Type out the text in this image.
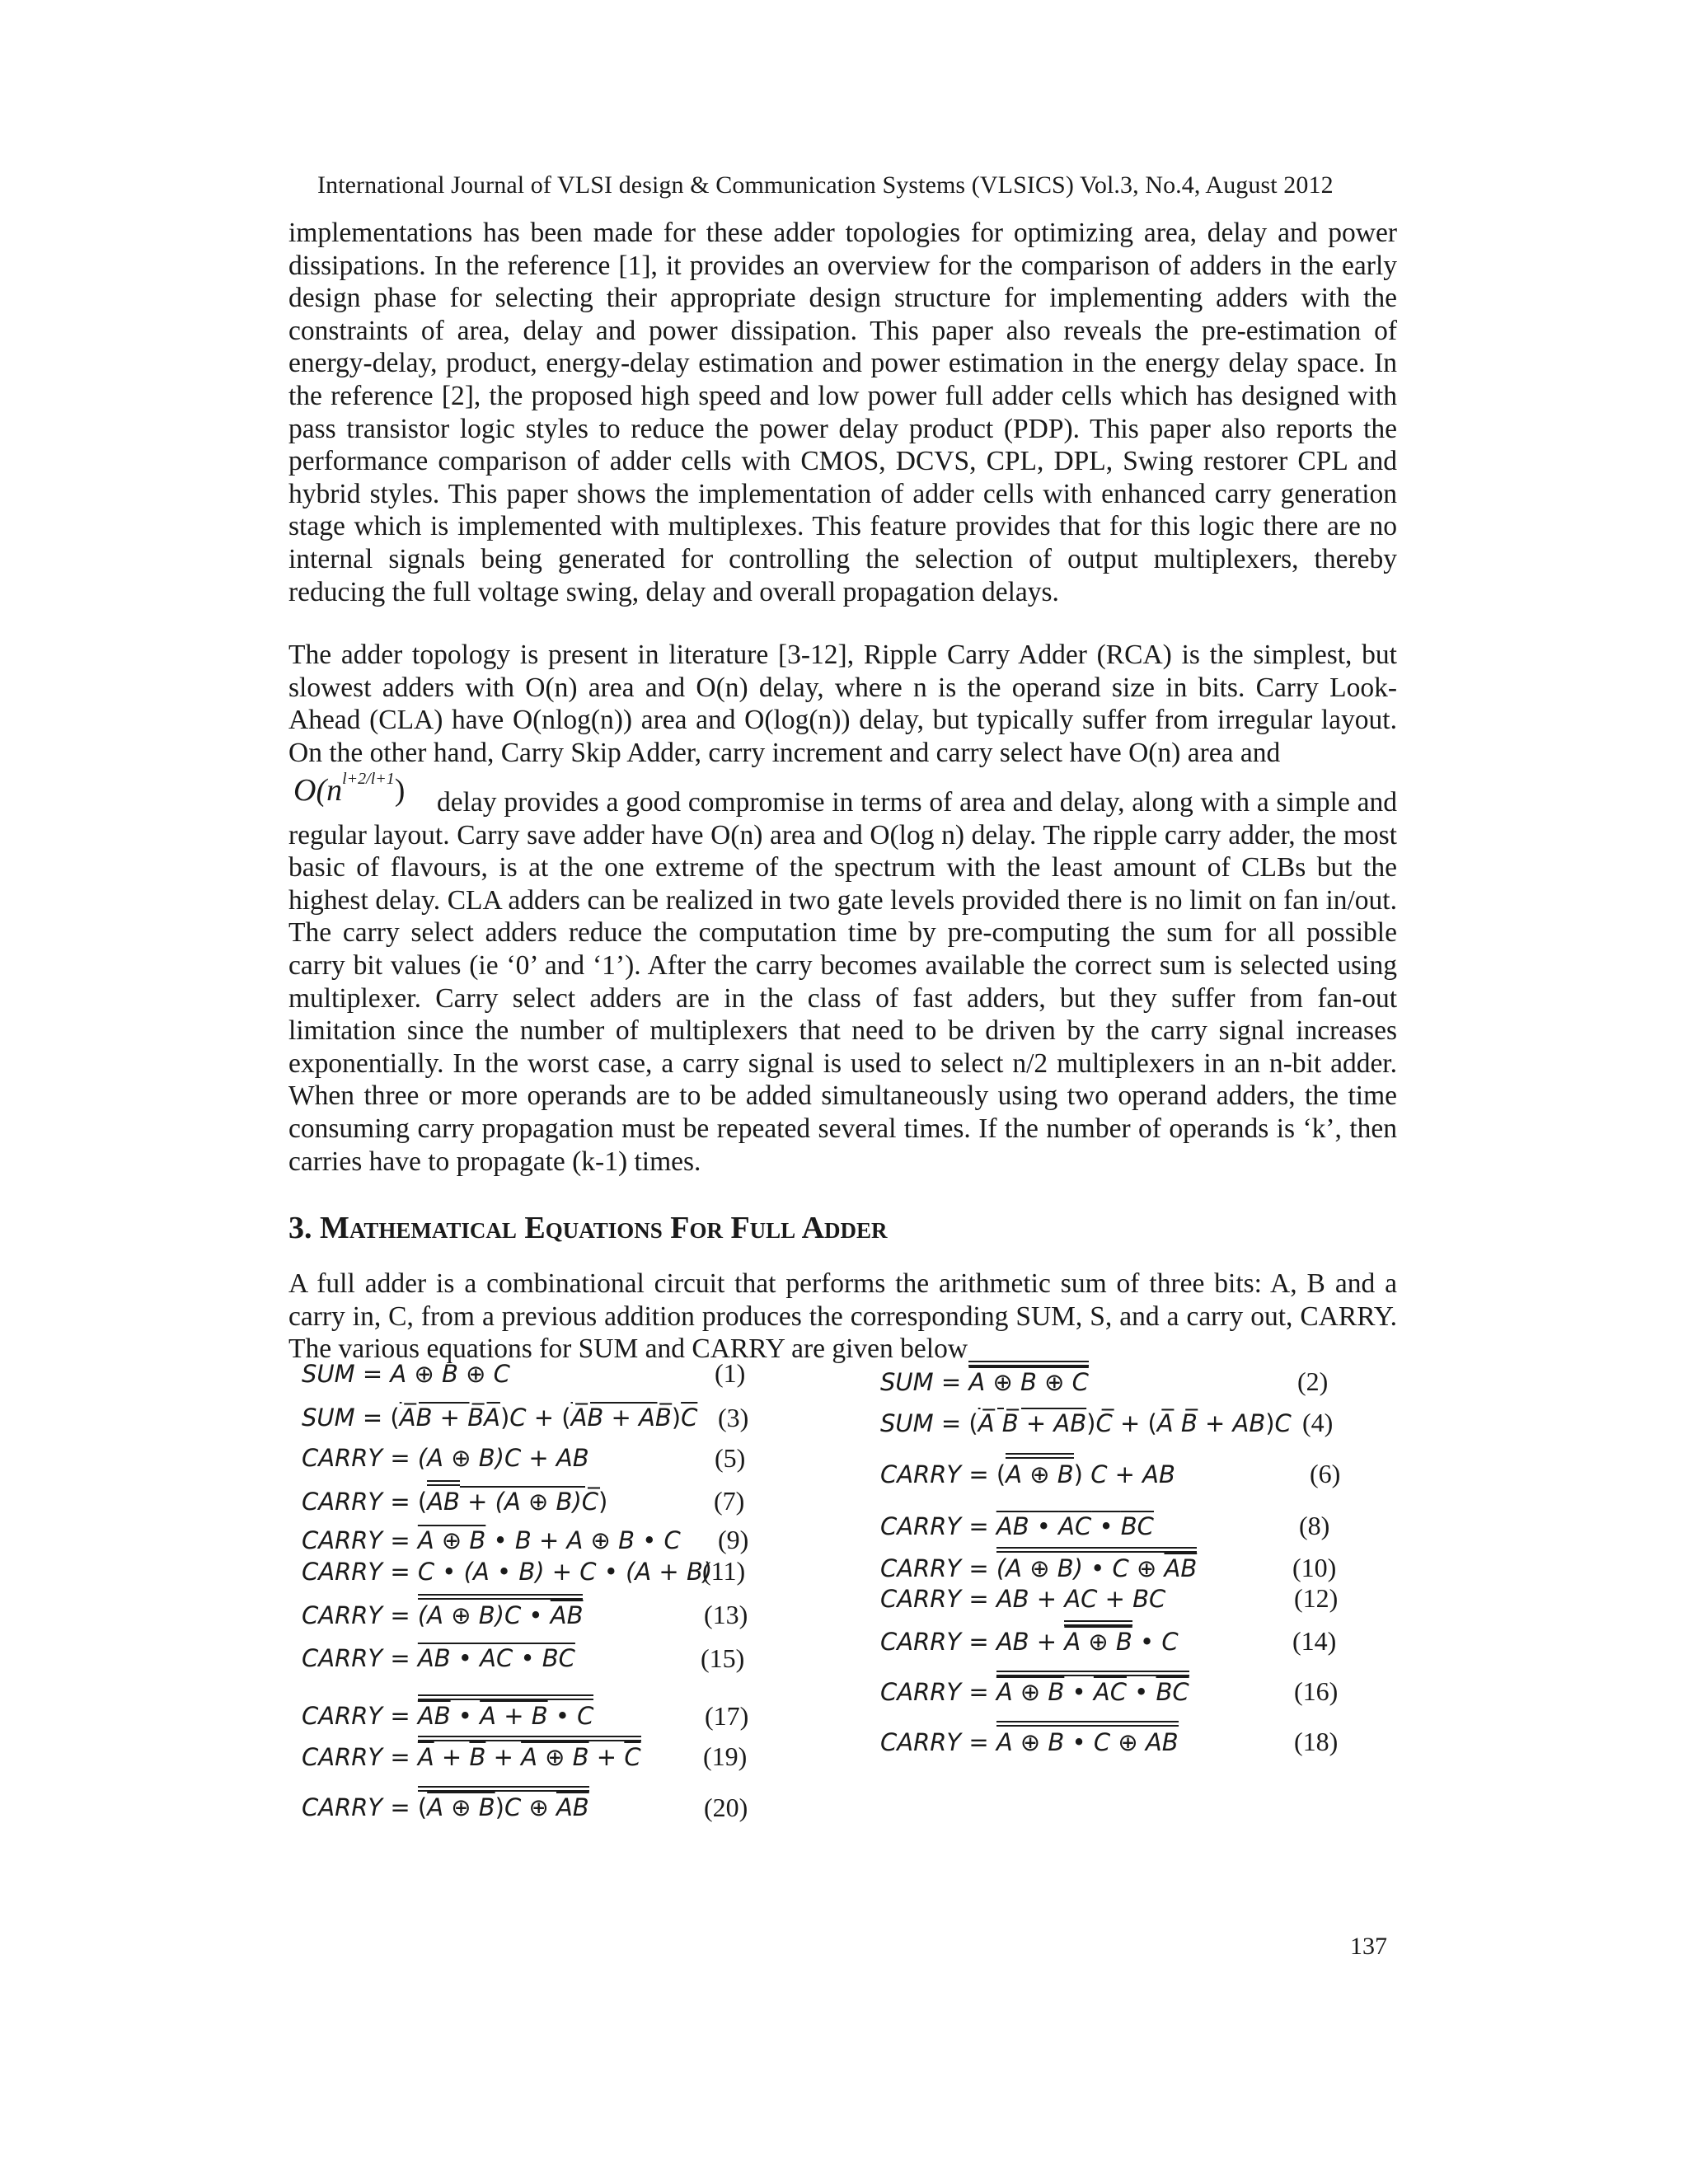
International Journal of VLSI design & Communication Systems (VLSICS) Vol.3, No.4, August 2012

implementations has been made for these adder topologies for optimizing area, delay and power dissipations. In the reference [1], it provides an overview for the comparison of adders in the early design phase for selecting their appropriate design structure for implementing adders with the constraints of area, delay and power dissipation. This paper also reveals the pre-estimation of energy-delay, product, energy-delay estimation and power estimation in the energy delay space. In the reference [2], the proposed high speed and low power full adder cells which has designed with pass transistor logic styles to reduce the power delay product (PDP). This paper also reports the performance comparison of adder cells with CMOS, DCVS, CPL, DPL, Swing restorer CPL and hybrid styles. This paper shows the implementation of adder cells with enhanced carry generation stage which is implemented with multiplexes. This feature provides that for this logic there are no internal signals being generated for controlling the selection of output multiplexers, thereby reducing the full voltage swing, delay and overall propagation delays.

The adder topology is present in literature [3-12], Ripple Carry Adder (RCA) is the simplest, but slowest adders with O(n) area and O(n) delay, where n is the operand size in bits. Carry Look-Ahead (CLA) have O(nlog(n)) area and O(log(n)) delay, but typically suffer from irregular layout. On the other hand, Carry Skip Adder, carry increment and carry select have O(n) area and

$O(n^{l+2/l+1})$	delay provides a good compromise in terms of area and delay, along with a simple and regular layout. Carry save adder have O(n) area and O(log n) delay. The ripple carry adder, the most basic of flavours, is at the one extreme of the spectrum with the least amount of CLBs but the highest delay. CLA adders can be realized in two gate levels provided there is no limit on fan in/out. The carry select adders reduce the computation time by pre-computing the sum for all possible carry bit values (ie ‘0’ and ‘1’). After the carry becomes available the correct sum is selected using multiplexer. Carry select adders are in the class of fast adders, but they suffer from fan-out limitation since the number of multiplexers that need to be driven by the carry signal increases exponentially. In the worst case, a carry signal is used to select n/2 multiplexers in an n-bit adder. When three or more operands are to be added simultaneously using two operand adders, the time consuming carry propagation must be repeated several times. If the number of operands is ‘k’, then carries have to propagate (k-1) times.

3. Mathematical Equations For Full Adder

A full adder is a combinational circuit that performs the arithmetic sum of three bits: A, B and a carry in, C, from a previous addition produces the corresponding SUM, S, and a carry out, CARRY. The various equations for SUM and CARRY are given below

SUM = A ⊕ B ⊕ C	(1)
SUM = (A̅B + B̅A)C + (A̅B + $AB̅)\overline{C}$ (3)
CARRY = (A ⊕ B)C + AB	(5)
CARRY = (AB + (A ⊕ B)C̅)	(7)
CARRY = A ⊕ B • B + A ⊕ B • C (9)
CARRY = C • (A • B) + C • (A + B)
(11)
CARRY = (A ⊕ B)C • $\overline{AB}$	(13)
CARRY = AB • AC • BC	(15)
CARRY = $\overline{AB}$ • A + B • C	(17)
CARRY = $\overline{A} + \overline{B} + A$ ⊕ $B + \overline{C}$ (19)
CARRY = (A ⊕ B)C ⊕ $\overline{AB}$	(20)
SUM = A ⊕ B ⊕ C	(2)
SUM = (A̅ B̅ + AB)C̅ + (A̅ B̅ + AB)C (4)
CARRY = (A ⊕ B) C + AB	(6)
CARRY = AB • AC • BC	(8)
CARRY = (A ⊕ B) • C ⊕ $\overline{AB}$	(10)
CARRY = AB + AC + BC	(12)
CARRY = AB + A ⊕ B • C	(14)
CARRY = A ⊕ B • $\overline{AC}$ • $\overline{BC}$	(16)
CARRY = A ⊕ B • C ⊕ AB	(18)
137
